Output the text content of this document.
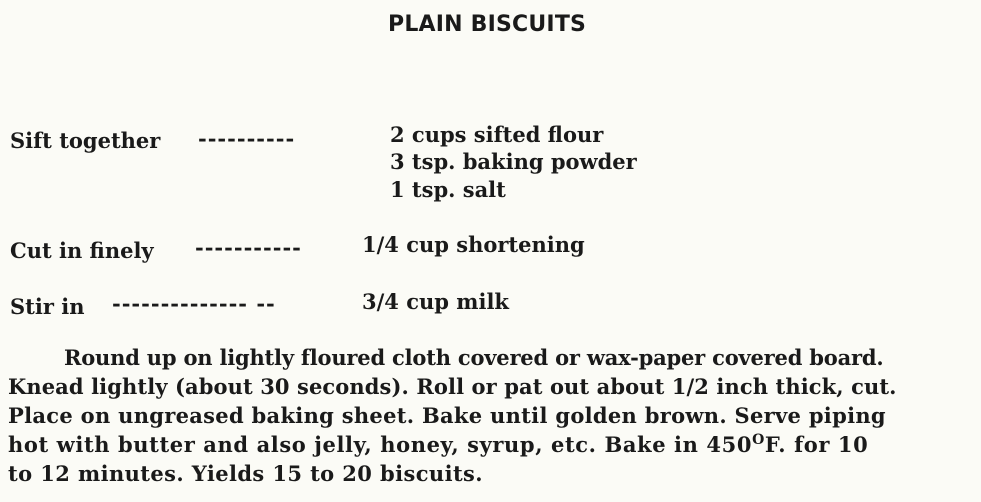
PLAIN BISCUITS
Sift together ----------	2 cups sifted flour
3 tsp. baking powder
1 tsp. salt
Cut in finely -----------	1/4 cup shortening
Stir in -------------- --	3/4 cup milk
Round up on lightly floured cloth covered or wax-paper covered board.
Knead lightly (about 30 seconds). Roll or pat out about 1/2 inch thick, cut.
Place on ungreased baking sheet. Bake until golden brown. Serve piping
hot with butter and also jelly, honey, syrup, etc. Bake in $450^OF$. for 10
to 12 minutes. Yields 15 to 20 biscuits.
